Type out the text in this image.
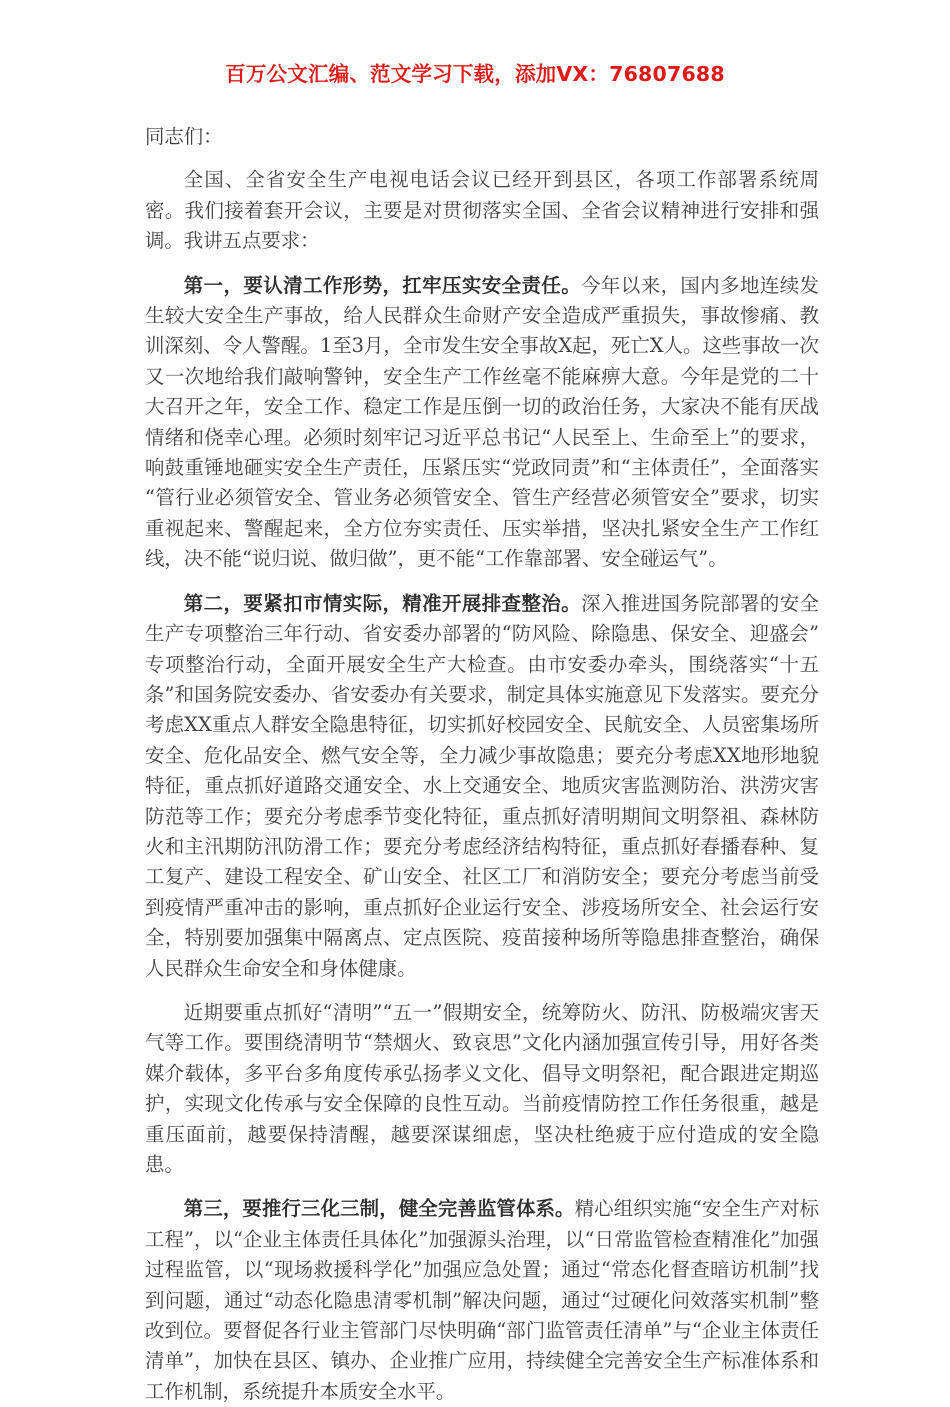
百万公文汇编、范文学习下载，添加VX：76807688

同志们：

全国、全省安全生产电视电话会议已经开到县区，各项工作部署系统周密。我们接着套开会议，主要是对贯彻落实全国、全省会议精神进行安排和强调。我讲五点要求：

第一，要认清工作形势，扛牢压实安全责任。今年以来，国内多地连续发生较大安全生产事故，给人民群众生命财产安全造成严重损失，事故惨痛、教训深刻、令人警醒。1至3月，全市发生安全事故X起，死亡X人。这些事故一次又一次地给我们敲响警钟，安全生产工作丝毫不能麻痹大意。今年是党的二十大召开之年，安全工作、稳定工作是压倒一切的政治任务，大家决不能有厌战情绪和侥幸心理。必须时刻牢记习近平总书记“人民至上、生命至上”的要求，响鼓重锤地砸实安全生产责任，压紧压实“党政同责”和“主体责任”，全面落实“管行业必须管安全、管业务必须管安全、管生产经营必须管安全”要求，切实重视起来、警醒起来，全方位夯实责任、压实举措，坚决扎紧安全生产工作红线，决不能“说归说、做归做”，更不能“工作靠部署、安全碰运气”。

第二，要紧扣市情实际，精准开展排查整治。深入推进国务院部署的安全生产专项整治三年行动、省安委办部署的“防风险、除隐患、保安全、迎盛会”专项整治行动，全面开展安全生产大检查。由市安委办牵头，围绕落实“十五条”和国务院安委办、省安委办有关要求，制定具体实施意见下发落实。要充分考虑XX重点人群安全隐患特征，切实抓好校园安全、民航安全、人员密集场所安全、危化品安全、燃气安全等，全力减少事故隐患；要充分考虑XX地形地貌特征，重点抓好道路交通安全、水上交通安全、地质灾害监测防治、洪涝灾害防范等工作；要充分考虑季节变化特征，重点抓好清明期间文明祭祖、森林防火和主汛期防汛防滑工作；要充分考虑经济结构特征，重点抓好春播春种、复工复产、建设工程安全、矿山安全、社区工厂和消防安全；要充分考虑当前受到疫情严重冲击的影响，重点抓好企业运行安全、涉疫场所安全、社会运行安全，特别要加强集中隔离点、定点医院、疫苗接种场所等隐患排查整治，确保人民群众生命安全和身体健康。

近期要重点抓好“清明”“五一”假期安全，统筹防火、防汛、防极端灾害天气等工作。要围绕清明节“禁烟火、致哀思”文化内涵加强宣传引导，用好各类媒介载体，多平台多角度传承弘扬孝义文化、倡导文明祭祀，配合跟进定期巡护，实现文化传承与安全保障的良性互动。当前疫情防控工作任务很重，越是重压面前，越要保持清醒，越要深谋细虑，坚决杜绝疲于应付造成的安全隐患。

第三，要推行三化三制，健全完善监管体系。精心组织实施“安全生产对标工程”，以“企业主体责任具体化”加强源头治理，以“日常监管检查精准化”加强过程监管，以“现场救援科学化”加强应急处置；通过“常态化督查暗访机制”找到问题，通过“动态化隐患清零机制”解决问题，通过“过硬化问效落实机制”整改到位。要督促各行业主管部门尽快明确“部门监管责任清单”与“企业主体责任清单”，加快在县区、镇办、企业推广应用，持续健全完善安全生产标准体系和工作机制，系统提升本质安全水平。
